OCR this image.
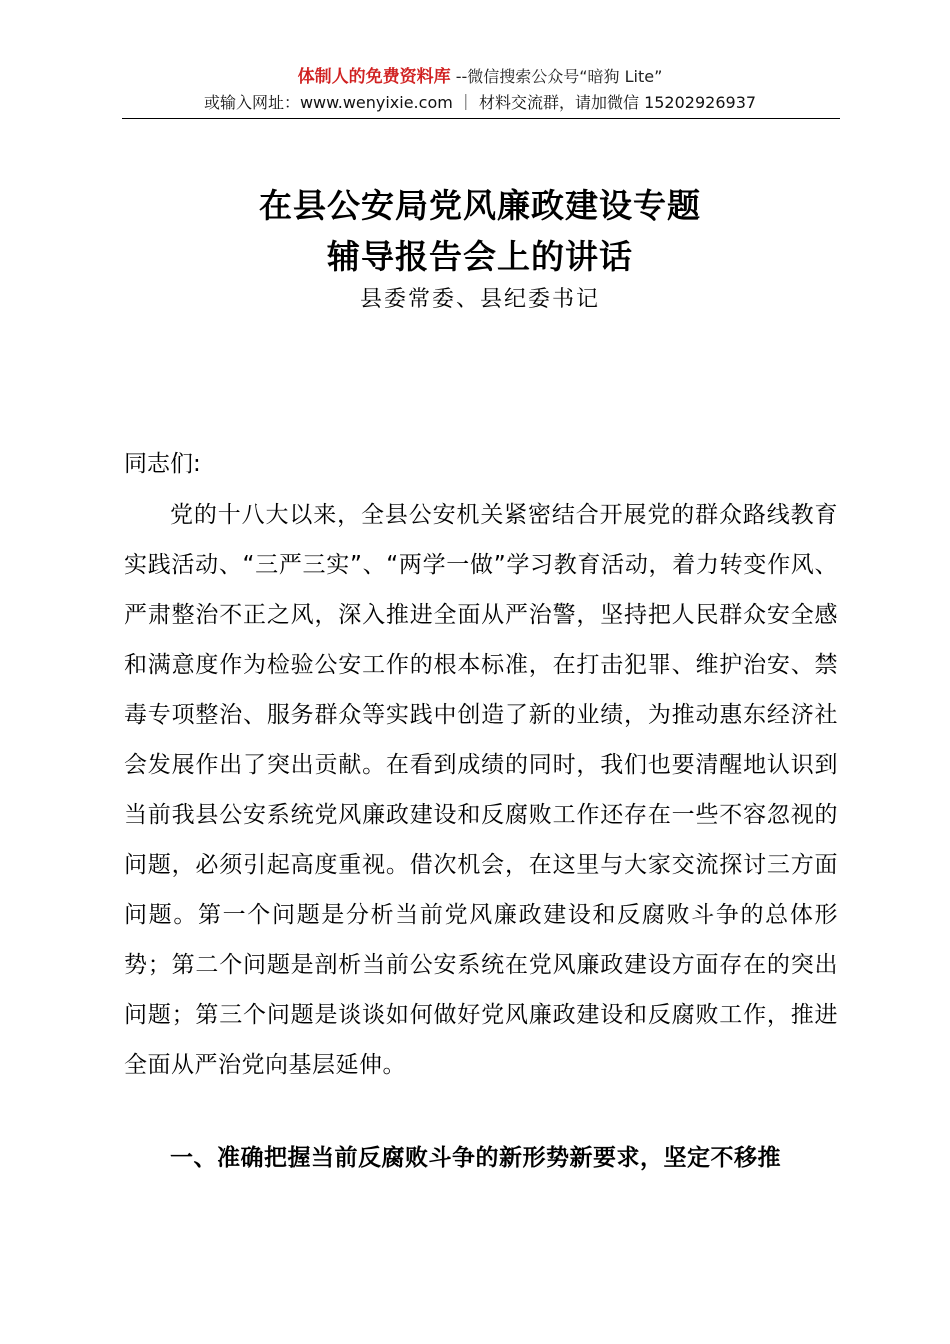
体制人的免费资料库 --微信搜索公众号“暗狗 Lite”
或输入网址：www.wenyixie.com ｜ 材料交流群，请加微信 15202926937
在县公安局党风廉政建设专题
辅导报告会上的讲话
县委常委、县纪委书记
同志们:

党的十八大以来，全县公安机关紧密结合开展党的群众路线教育实践活动、“三严三实”、“两学一做”学习教育活动，着力转变作风、严肃整治不正之风，深入推进全面从严治警，坚持把人民群众安全感和满意度作为检验公安工作的根本标准，在打击犯罪、维护治安、禁毒专项整治、服务群众等实践中创造了新的业绩，为推动惠东经济社会发展作出了突出贡献。在看到成绩的同时，我们也要清醒地认识到当前我县公安系统党风廉政建设和反腐败工作还存在一些不容忽视的问题，必须引起高度重视。借次机会，在这里与大家交流探讨三方面问题。第一个问题是分析当前党风廉政建设和反腐败斗争的总体形势；第二个问题是剖析当前公安系统在党风廉政建设方面存在的突出问题；第三个问题是谈谈如何做好党风廉政建设和反腐败工作，推进全面从严治党向基层延伸。

一、准确把握当前反腐败斗争的新形势新要求，坚定不移推
